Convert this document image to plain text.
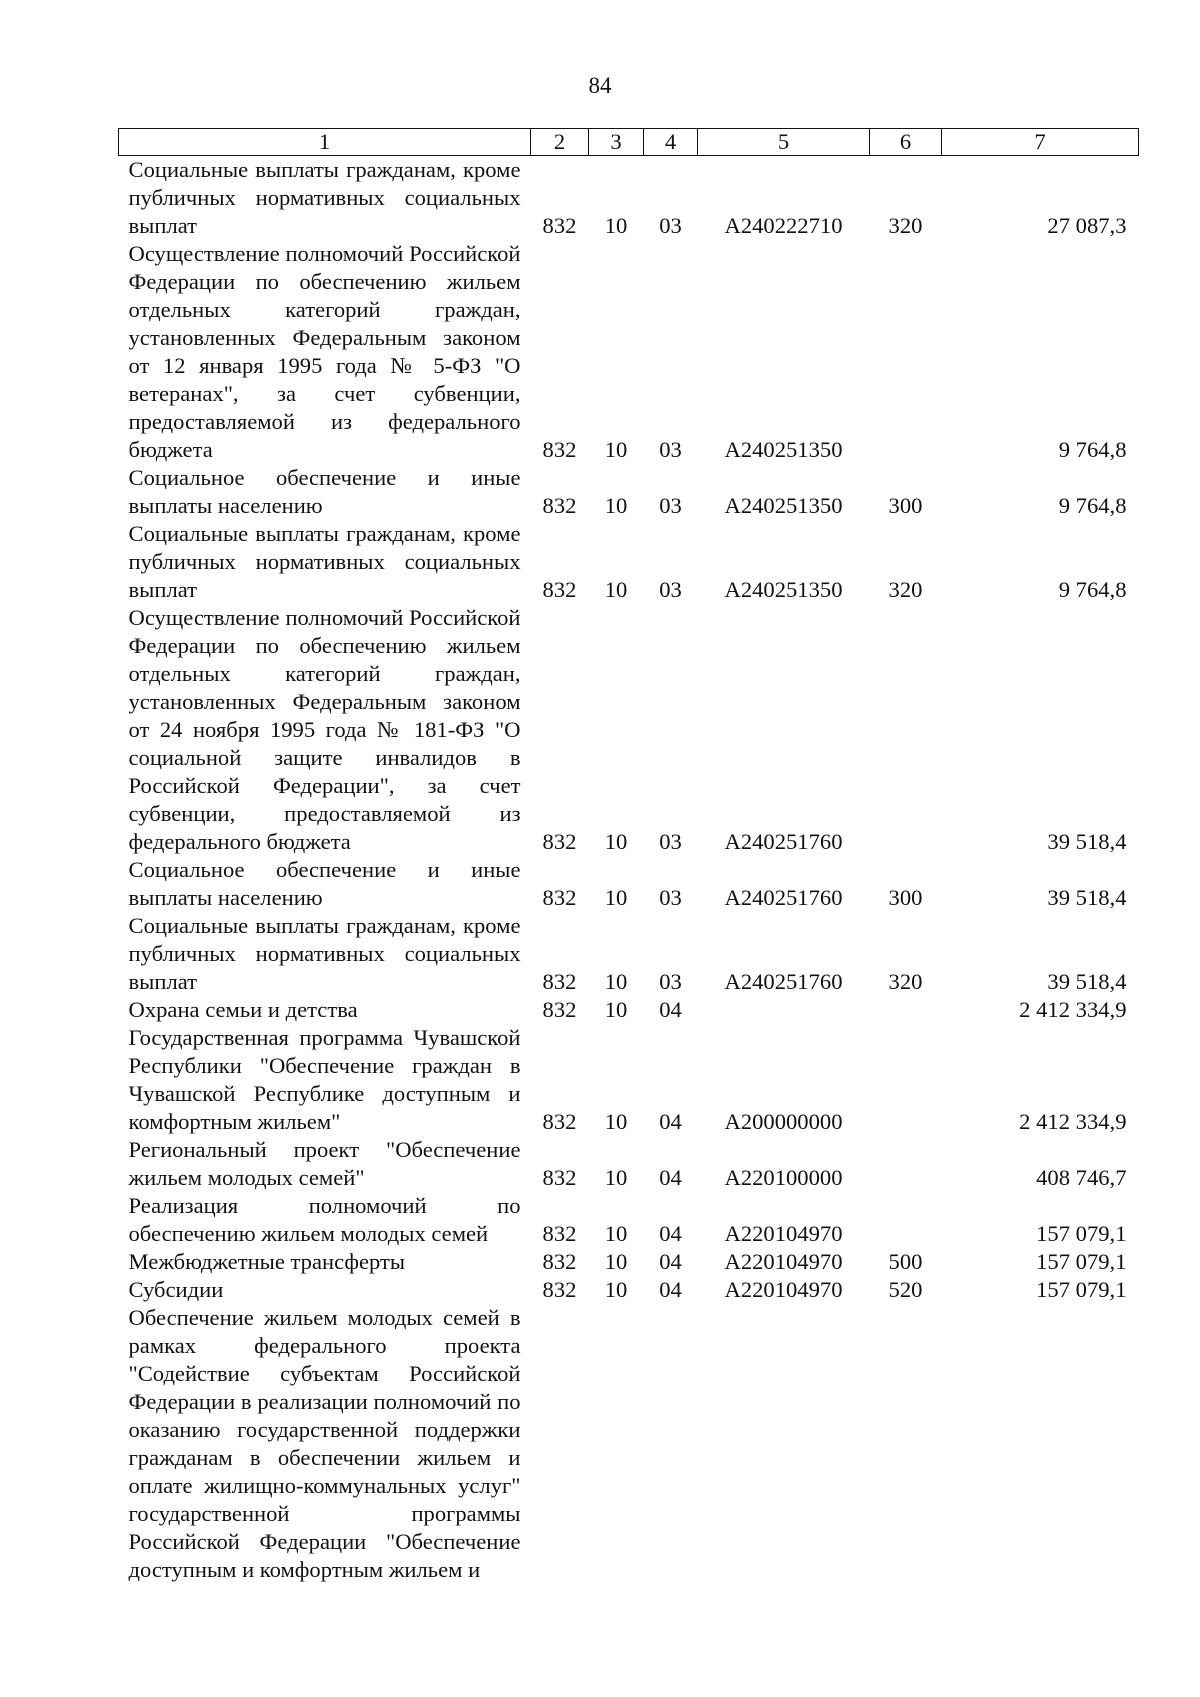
84
1	2	3	4	5	6	7
Социальные выплаты гражданам, кроме публичных нормативных социальных выплат	832	10	03	А240222710	320	27 087,3
Осуществление полномочий Российской Федерации по обеспечению жильем отдельных категорий граждан, установленных Федеральным законом от 12 января 1995 года № 5-ФЗ "О ветеранах", за счет субвенции, предоставляемой из федерального бюджета	832	10	03	А240251350		9 764,8
Социальное обеспечение и иные выплаты населению	832	10	03	А240251350	300	9 764,8
Социальные выплаты гражданам, кроме публичных нормативных социальных выплат	832	10	03	А240251350	320	9 764,8
Осуществление полномочий Российской Федерации по обеспечению жильем отдельных категорий граждан, установленных Федеральным законом от 24 ноября 1995 года № 181-ФЗ "О социальной защите инвалидов в Российской Федерации", за счет субвенции, предоставляемой из федерального бюджета	832	10	03	А240251760		39 518,4
Социальное обеспечение и иные выплаты населению	832	10	03	А240251760	300	39 518,4
Социальные выплаты гражданам, кроме публичных нормативных социальных выплат	832	10	03	А240251760	320	39 518,4
Охрана семьи и детства	832	10	04			2 412 334,9
Государственная программа Чувашской Республики "Обеспечение граждан в Чувашской Республике доступным и комфортным жильем"	832	10	04	А200000000		2 412 334,9
Региональный проект "Обеспечение жильем молодых семей"	832	10	04	А220100000		408 746,7
Реализация полномочий по обеспечению жильем молодых семей	832	10	04	А220104970		157 079,1
Межбюджетные трансферты	832	10	04	А220104970	500	157 079,1
Субсидии	832	10	04	А220104970	520	157 079,1
Обеспечение жильем молодых семей в рамках федерального проекта "Содействие субъектам Российской Федерации в реализации полномочий по оказанию государственной поддержки гражданам в обеспечении жильем и оплате жилищно-коммунальных услуг" государственной программы Российской Федерации "Обеспечение доступным и комфортным жильем и						
